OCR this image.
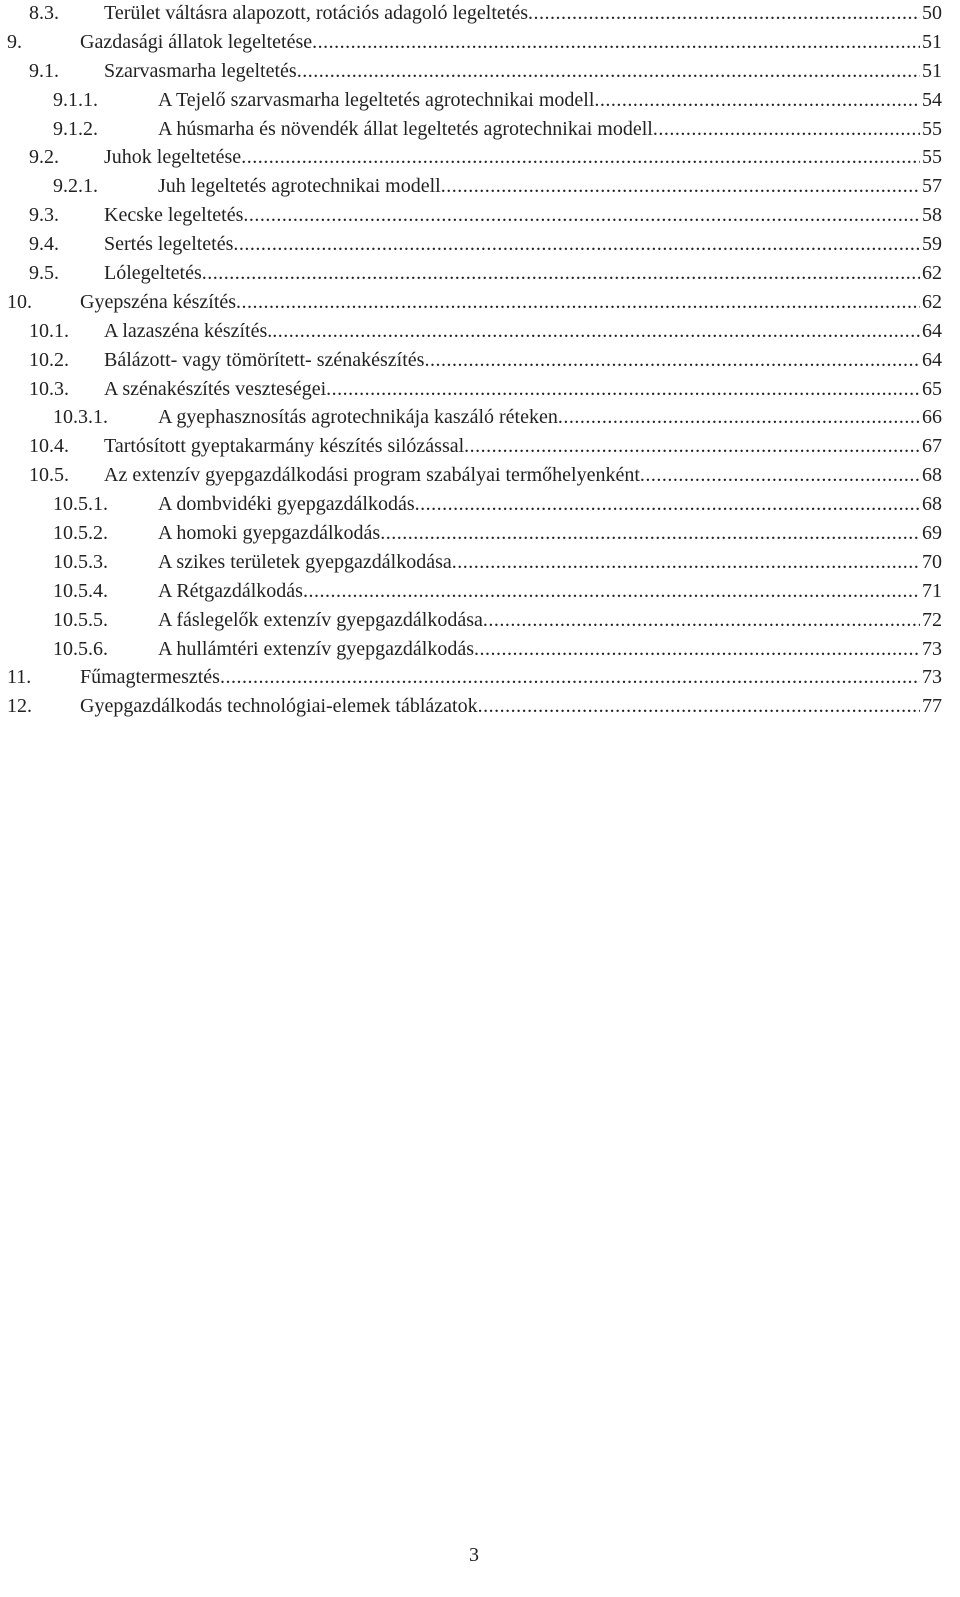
8.3. Terület váltásra alapozott, rotációs adagoló legeltetés .....	50
9.	Gazdasági állatok legeltetése .....	51
9.1. Szarvasmarha legeltetés .....	51
9.1.1.	A Tejelő szarvasmarha legeltetés agrotechnikai modell .....	54
9.1.2.	A húsmarha és növendék állat legeltetés agrotechnikai modell .....	55
9.2. Juhok legeltetése .....	55
9.2.1.	Juh legeltetés agrotechnikai modell .....	57
9.3. Kecske legeltetés .....	58
9.4. Sertés legeltetés .....	59
9.5. Lólegeltetés .....	62
10. Gyepszéna készítés .....	62
10.1. A lazaszéna készítés. .....	64
10.2. Bálázott- vagy tömörített- szénakészítés .....	64
10.3. A szénakészítés veszteségei .....	65
10.3.1.	A gyephasznosítás agrotechnikája kaszáló réteken .....	66
10.4. Tartósított gyeptakarmány készítés silózással .....	67
10.5. Az extenzív gyepgazdálkodási program szabályai termőhelyenként .....	68
10.5.1.	A dombvidéki gyepgazdálkodás .....	68
10.5.2.	A homoki gyepgazdálkodás .....	69
10.5.3.	A szikes területek gyepgazdálkodása .....	70
10.5.4.	A Rétgazdálkodás .....	71
10.5.5.	A fáslegelők extenzív gyepgazdálkodása .....	72
10.5.6.	A hullámtéri extenzív gyepgazdálkodás .....	73
11. Fűmagtermesztés .....	73
12. Gyepgazdálkodás technológiai-elemek táblázatok .....	77
3
